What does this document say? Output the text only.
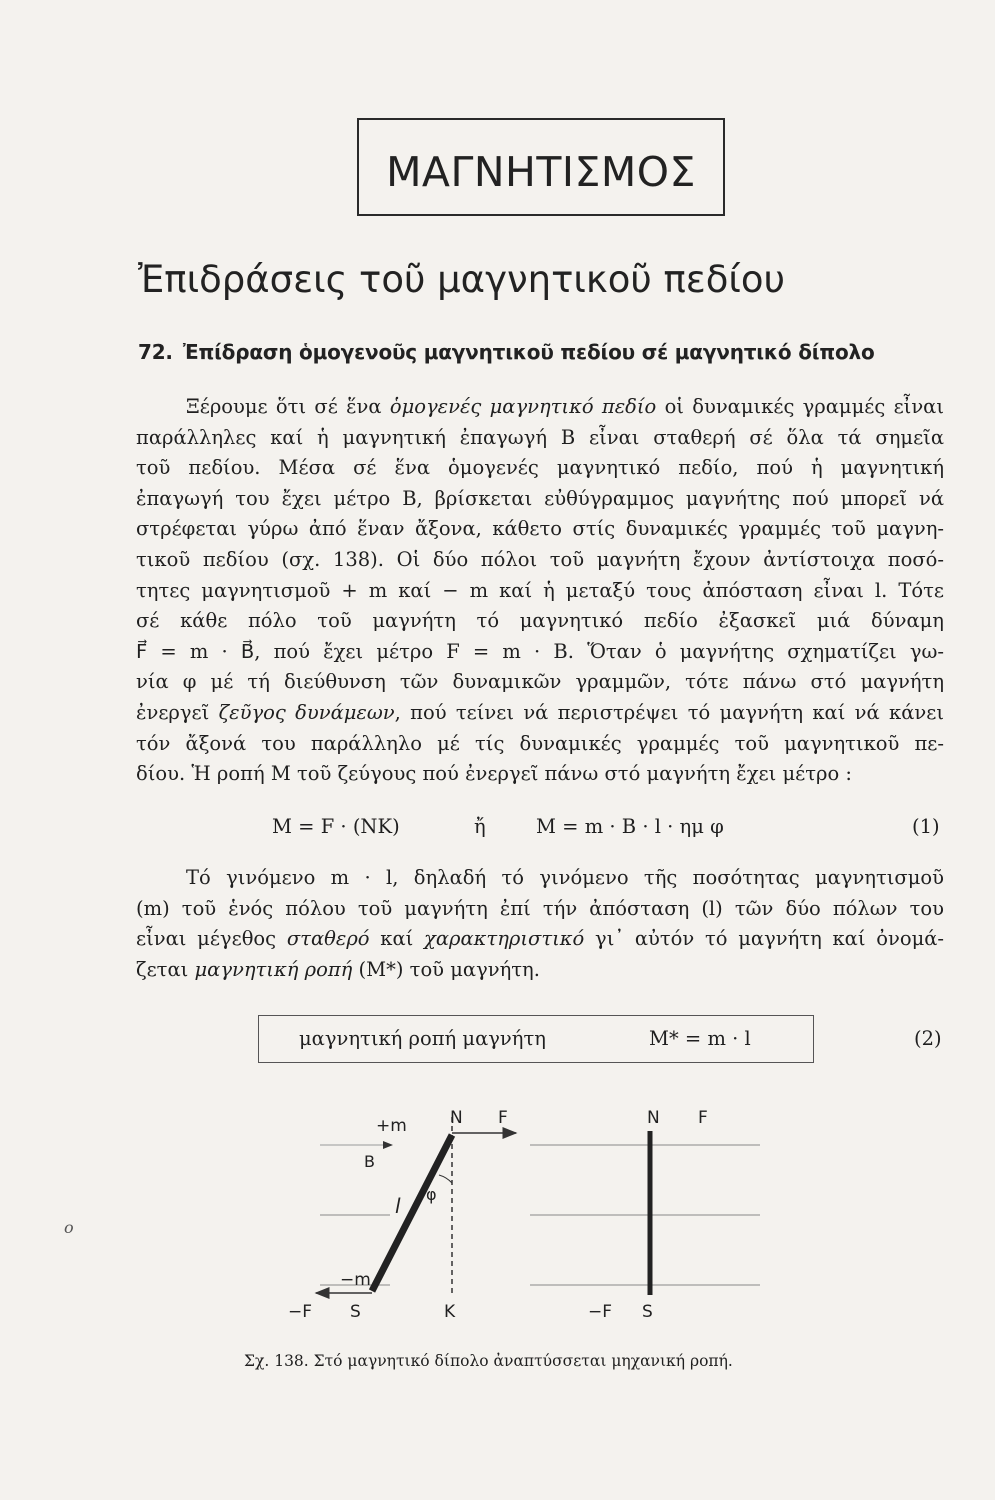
ΜΑΓΝΗΤΙΣΜΟΣ
Ἐπιδράσεις τοῦ μαγνητικοῦ πεδίου
72. Ἐπίδραση ὁμογενοῦς μαγνητικοῦ πεδίου σέ μαγνητικό δίπολο
Ξέρουμε ὅτι σέ ἕνα ὁμογενές μαγνητικό πεδίο οἱ δυναμικές γραμμές εἶναι
παράλληλες καί ἡ μαγνητική ἐπαγωγή B εἶναι σταθερή σέ ὅλα τά σημεῖα
τοῦ πεδίου. Μέσα σέ ἕνα ὁμογενές μαγνητικό πεδίο, πού ἡ μαγνητική
ἐπαγωγή του ἔχει μέτρο B, βρίσκεται εὐθύγραμμος μαγνήτης πού μπορεῖ νά
στρέφεται γύρω ἀπό ἕναν ἄξονα, κάθετο στίς δυναμικές γραμμές τοῦ μαγνη-
τικοῦ πεδίου (σχ. 138). Οἱ δύο πόλοι τοῦ μαγνήτη ἔχουν ἀντίστοιχα ποσό-
τητες μαγνητισμοῦ + m καί − m καί ἡ μεταξύ τους ἀπόσταση εἶναι l. Τότε
σέ κάθε πόλο τοῦ μαγνήτη τό μαγνητικό πεδίο ἐξασκεῖ μιά δύναμη
F⃗ = m · B⃗, πού ἔχει μέτρο F = m · B. Ὅταν ὁ μαγνήτης σχηματίζει γω-
νία φ μέ τή διεύθυνση τῶν δυναμικῶν γραμμῶν, τότε πάνω στό μαγνήτη
ἐνεργεῖ ζεῦγος δυνάμεων, πού τείνει νά περιστρέψει τό μαγνήτη καί νά κάνει
τόν ἄξονά του παράλληλο μέ τίς δυναμικές γραμμές τοῦ μαγνητικοῦ πε-
δίου. Ἡ ροπή M τοῦ ζεύγους πού ἐνεργεῖ πάνω στό μαγνήτη ἔχει μέτρο :
M = F · (NK)	ἤ	M = m · B · l · ημ φ	(1)
Τό γινόμενο m · l, δηλαδή τό γινόμενο τῆς ποσότητας μαγνητισμοῦ
(m) τοῦ ἑνός πόλου τοῦ μαγνήτη ἐπί τήν ἀπόσταση (l) τῶν δύο πόλων του
εἶναι μέγεθος σταθερό καί χαρακτηριστικό γι᾿ αὐτόν τό μαγνήτη καί ὀνομά-
ζεται μαγνητική ροπή (M*) τοῦ μαγνήτη.
μαγνητική ροπή μαγνήτη	M* = m · l	(2)
B
+m	N F
l φ
−m
−F S	K
N F
−F S
Σχ. 138. Στό μαγνητικό δίπολο ἀναπτύσσεται μηχανική ροπή.
ο
